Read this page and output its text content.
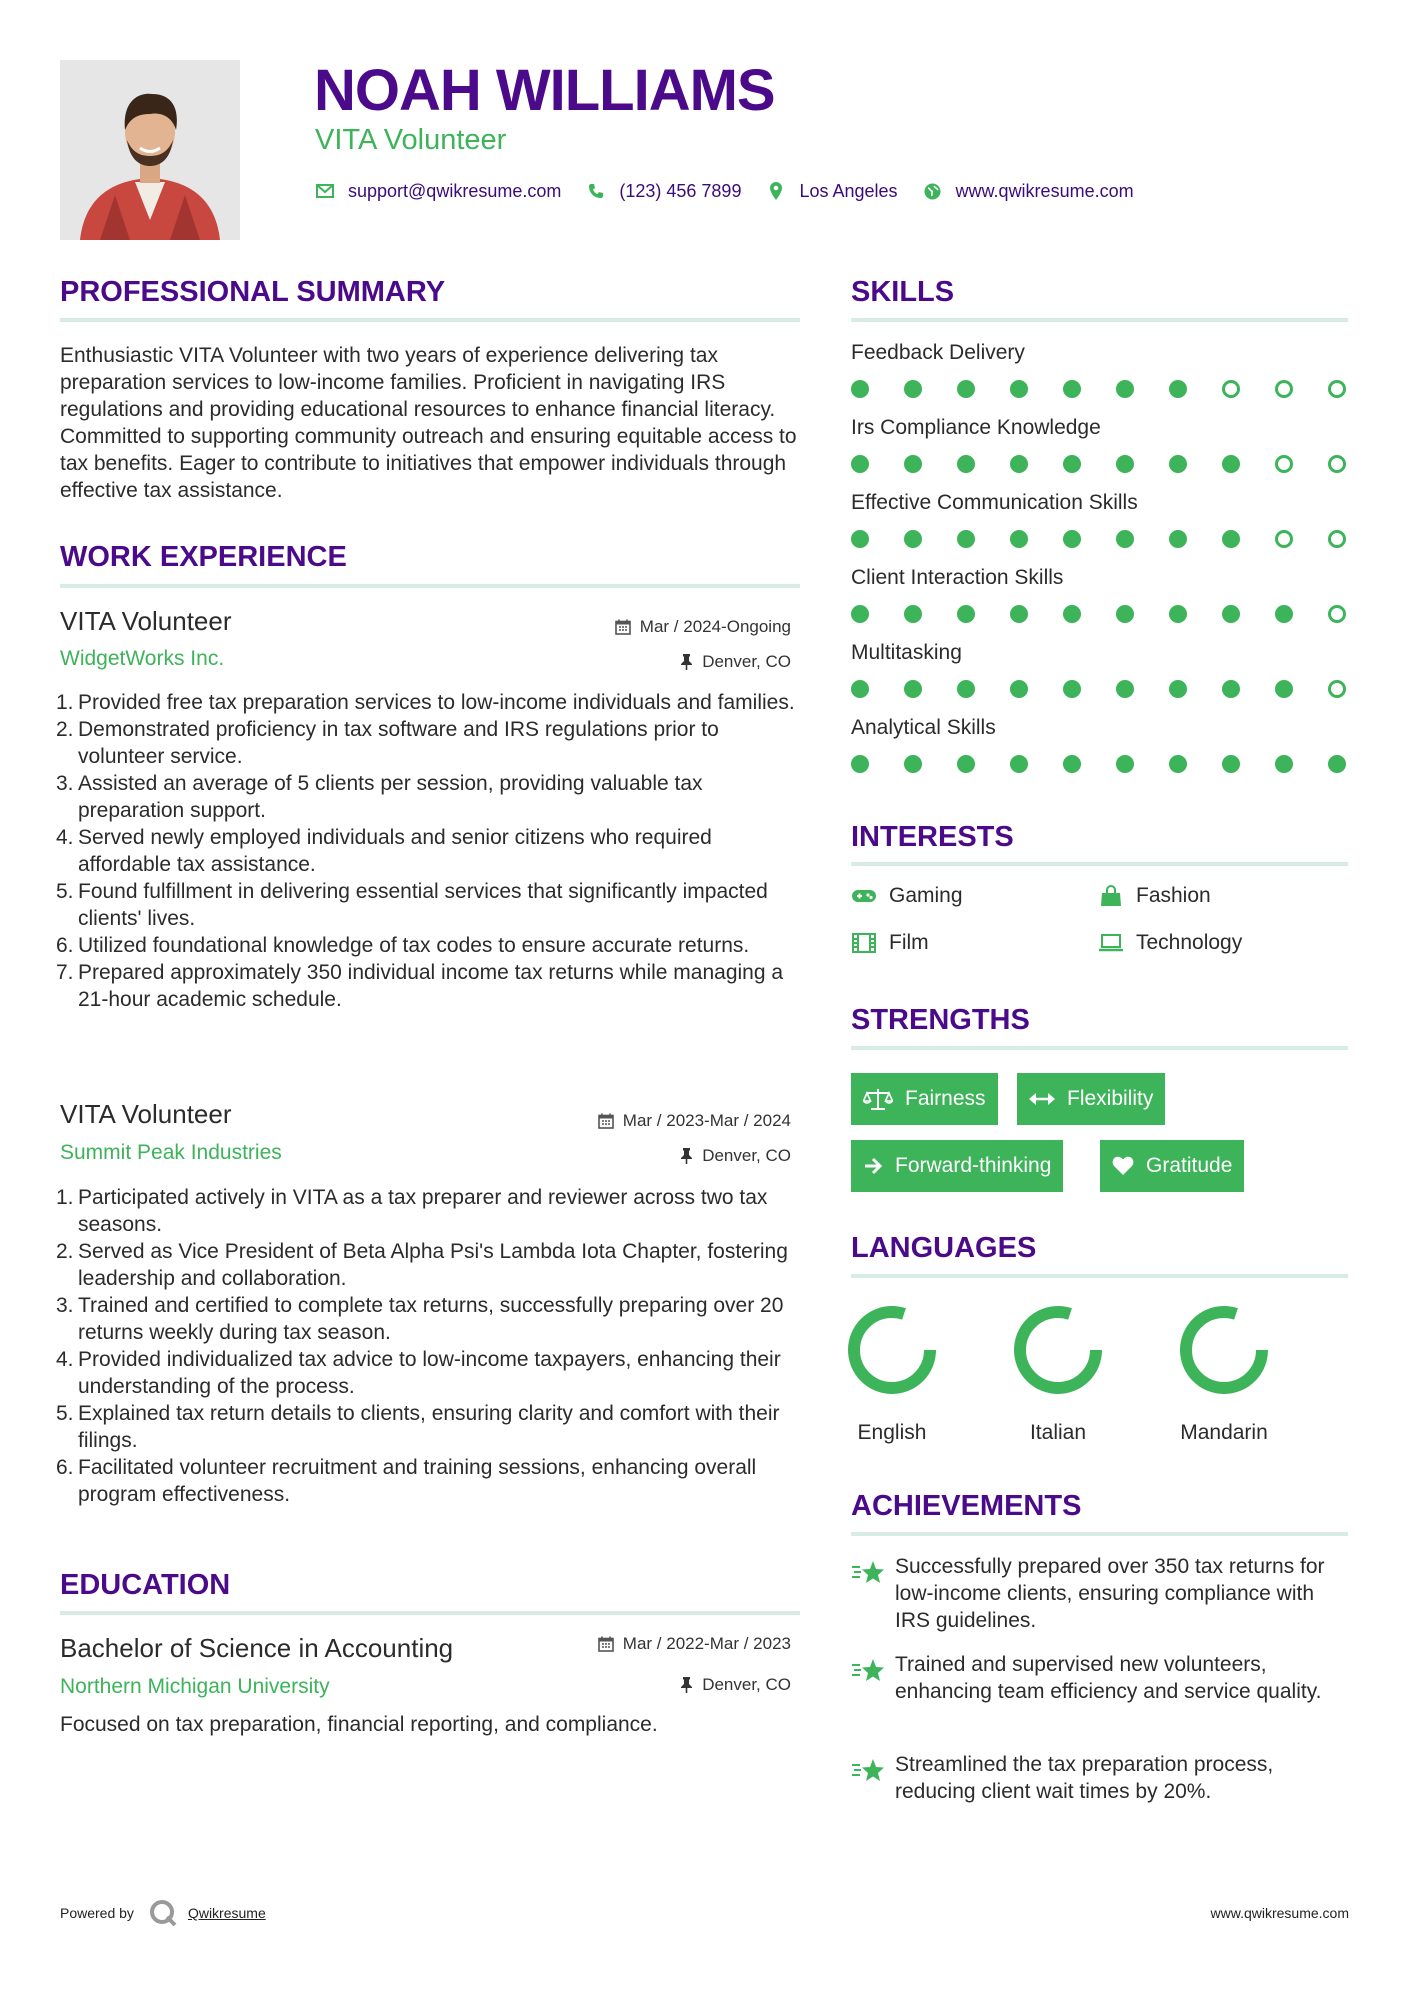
NOAH WILLIAMS
VITA Volunteer
support@qwikresume.com	(123) 456 7899	Los Angeles	www.qwikresume.com
PROFESSIONAL SUMMARY
Enthusiastic VITA Volunteer with two years of experience delivering tax preparation services to low-income families. Proficient in navigating IRS regulations and providing educational resources to enhance financial literacy. Committed to supporting community outreach and ensuring equitable access to tax benefits. Eager to contribute to initiatives that empower individuals through effective tax assistance.
WORK EXPERIENCE
VITA Volunteer
WidgetWorks Inc.
Mar / 2024-Ongoing
Denver, CO
1. Provided free tax preparation services to low-income individuals and families.
2. Demonstrated proficiency in tax software and IRS regulations prior to volunteer service.
3. Assisted an average of 5 clients per session, providing valuable tax preparation support.
4. Served newly employed individuals and senior citizens who required affordable tax assistance.
5. Found fulfillment in delivering essential services that significantly impacted clients' lives.
6. Utilized foundational knowledge of tax codes to ensure accurate returns.
7. Prepared approximately 350 individual income tax returns while managing a 21-hour academic schedule.
VITA Volunteer
Summit Peak Industries
Mar / 2023-Mar / 2024
Denver, CO
1. Participated actively in VITA as a tax preparer and reviewer across two tax seasons.
2. Served as Vice President of Beta Alpha Psi's Lambda Iota Chapter, fostering leadership and collaboration.
3. Trained and certified to complete tax returns, successfully preparing over 20 returns weekly during tax season.
4. Provided individualized tax advice to low-income taxpayers, enhancing their understanding of the process.
5. Explained tax return details to clients, ensuring clarity and comfort with their filings.
6. Facilitated volunteer recruitment and training sessions, enhancing overall program effectiveness.
EDUCATION
Bachelor of Science in Accounting
Northern Michigan University
Mar / 2022-Mar / 2023
Denver, CO
Focused on tax preparation, financial reporting, and compliance.
SKILLS
Feedback Delivery
Irs Compliance Knowledge
Effective Communication Skills
Client Interaction Skills
Multitasking
Analytical Skills
INTERESTS
Gaming	Fashion
Film	Technology
STRENGTHS
Fairness	Flexibility
Forward-thinking	Gratitude
LANGUAGES
English	Italian	Mandarin
ACHIEVEMENTS
Successfully prepared over 350 tax returns for low-income clients, ensuring compliance with IRS guidelines.
Trained and supervised new volunteers, enhancing team efficiency and service quality.
Streamlined the tax preparation process, reducing client wait times by 20%.
Powered by	Qwikresume	www.qwikresume.com
